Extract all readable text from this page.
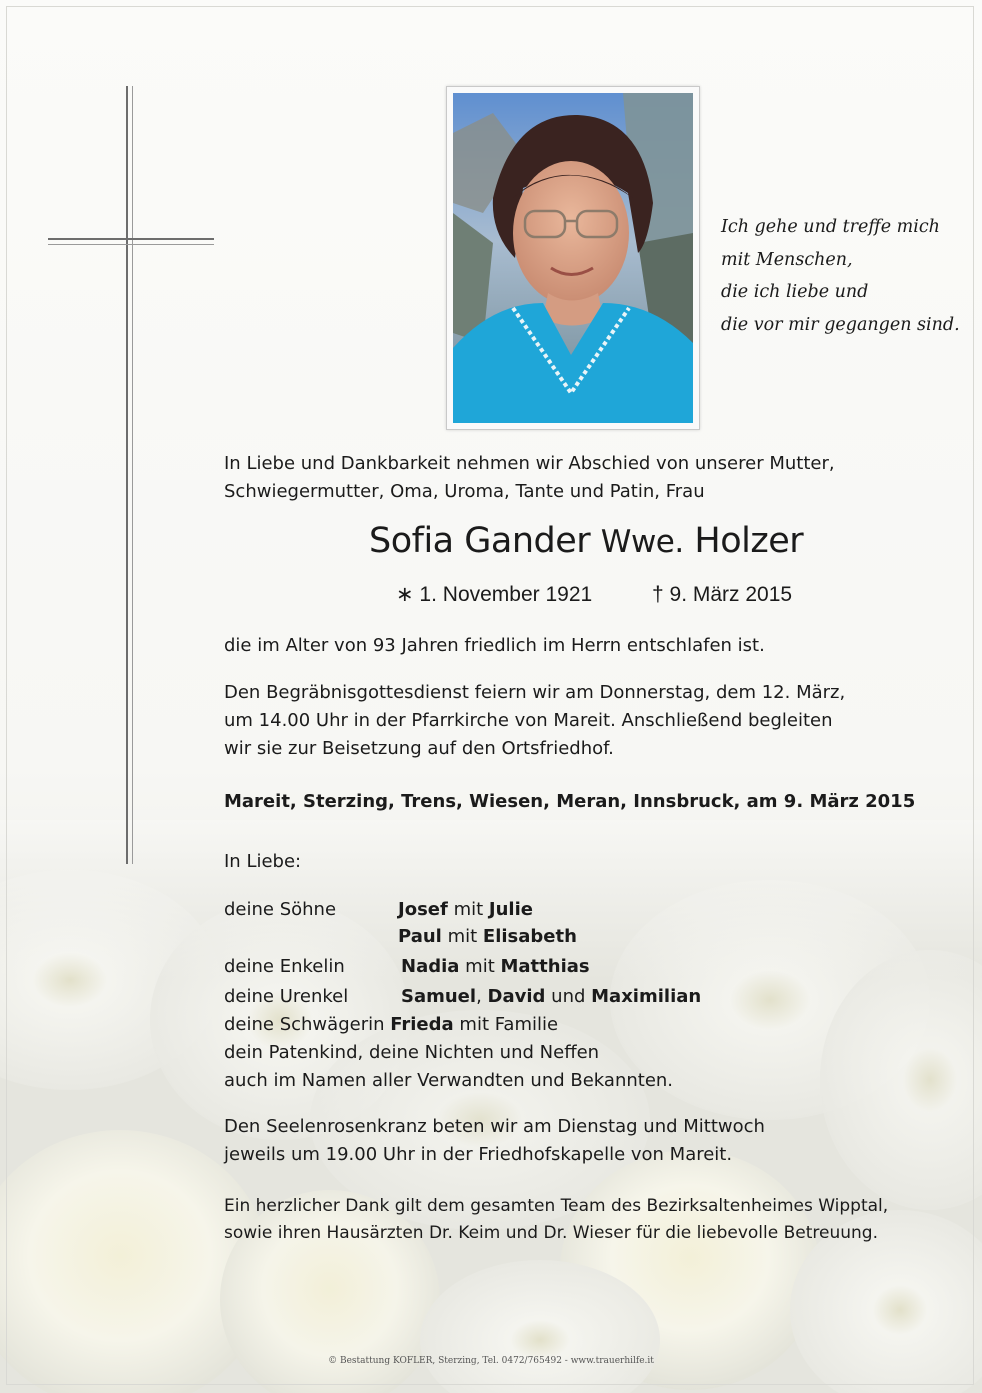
Ich gehe und treffe mich
mit Menschen,
die ich liebe und
die vor mir gegangen sind.
In Liebe und Dankbarkeit nehmen wir Abschied von unserer Mutter,
Schwiegermutter, Oma, Uroma, Tante und Patin, Frau
Sofia Gander Wwe. Holzer
∗ 1. November 1921	† 9. März 2015
die im Alter von 93 Jahren friedlich im Herrn entschlafen ist.
Den Begräbnisgottesdienst feiern wir am Donnerstag, dem 12. März,
um 14.00 Uhr in der Pfarrkirche von Mareit. Anschließend begleiten
wir sie zur Beisetzung auf den Ortsfriedhof.
Mareit, Sterzing, Trens, Wiesen, Meran, Innsbruck, am 9. März 2015
In Liebe:
deine Söhne	Josef mit Julie
Paul mit Elisabeth
deine Enkelin	Nadia mit Matthias
deine Urenkel	Samuel, David und Maximilian
deine Schwägerin Frieda mit Familie
dein Patenkind, deine Nichten und Neffen
auch im Namen aller Verwandten und Bekannten.
Den Seelenrosenkranz beten wir am Dienstag und Mittwoch
jeweils um 19.00 Uhr in der Friedhofskapelle von Mareit.
Ein herzlicher Dank gilt dem gesamten Team des Bezirksaltenheimes Wipptal,
sowie ihren Hausärzten Dr. Keim und Dr. Wieser für die liebevolle Betreuung.
© Bestattung KOFLER, Sterzing, Tel. 0472/765492 - www.trauerhilfe.it
